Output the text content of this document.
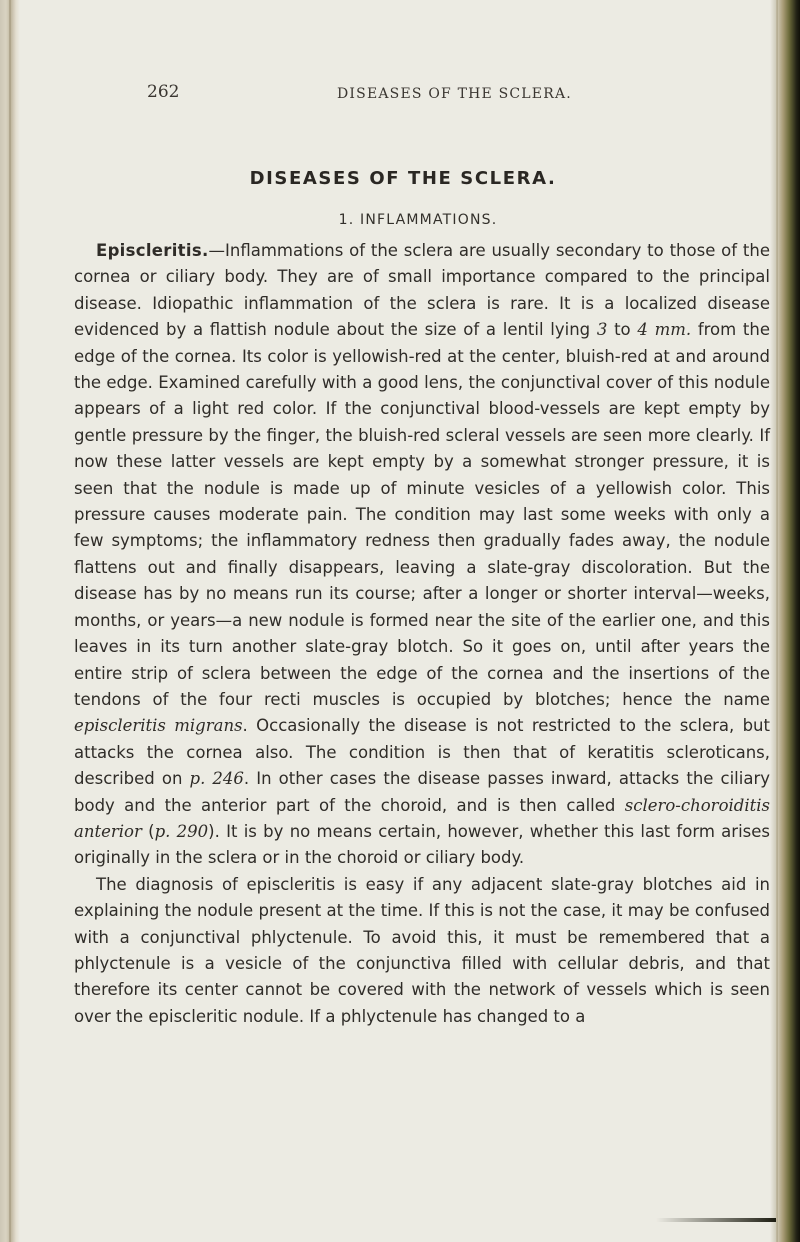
262	DISEASES OF THE SCLERA.
DISEASES OF THE SCLERA.
1. INFLAMMATIONS.

Episcleritis.—Inflammations of the sclera are usually secondary to those of the cornea or ciliary body. They are of small importance compared to the principal disease. Idiopathic inflammation of the sclera is rare. It is a localized disease evidenced by a flattish nodule about the size of a lentil lying 3 to 4 mm. from the edge of the cornea. Its color is yellowish-red at the center, bluish-red at and around the edge. Examined carefully with a good lens, the conjunctival cover of this nodule appears of a light red color. If the conjunctival blood-vessels are kept empty by gentle pressure by the finger, the bluish-red scleral vessels are seen more clearly. If now these latter vessels are kept empty by a somewhat stronger pressure, it is seen that the nodule is made up of minute vesicles of a yellowish color. This pressure causes moderate pain. The condition may last some weeks with only a few symptoms; the inflammatory redness then gradually fades away, the nodule flattens out and finally disappears, leaving a slate-gray discoloration. But the disease has by no means run its course; after a longer or shorter interval—weeks, months, or years—a new nodule is formed near the site of the earlier one, and this leaves in its turn another slate-gray blotch. So it goes on, until after years the entire strip of sclera between the edge of the cornea and the insertions of the tendons of the four recti muscles is occupied by blotches; hence the name episcleritis migrans. Occasionally the disease is not restricted to the sclera, but attacks the cornea also. The condition is then that of keratitis scleroticans, described on p. 246. In other cases the disease passes inward, attacks the ciliary body and the anterior part of the choroid, and is then called sclero-choroiditis anterior (p. 290). It is by no means certain, however, whether this last form arises originally in the sclera or in the choroid or ciliary body.

The diagnosis of episcleritis is easy if any adjacent slate-gray blotches aid in explaining the nodule present at the time. If this is not the case, it may be confused with a conjunctival phlyctenule. To avoid this, it must be remembered that a phlyctenule is a vesicle of the conjunctiva filled with cellular debris, and that therefore its center cannot be covered with the network of vessels which is seen over the episcleritic nodule. If a phlyctenule has changed to a
